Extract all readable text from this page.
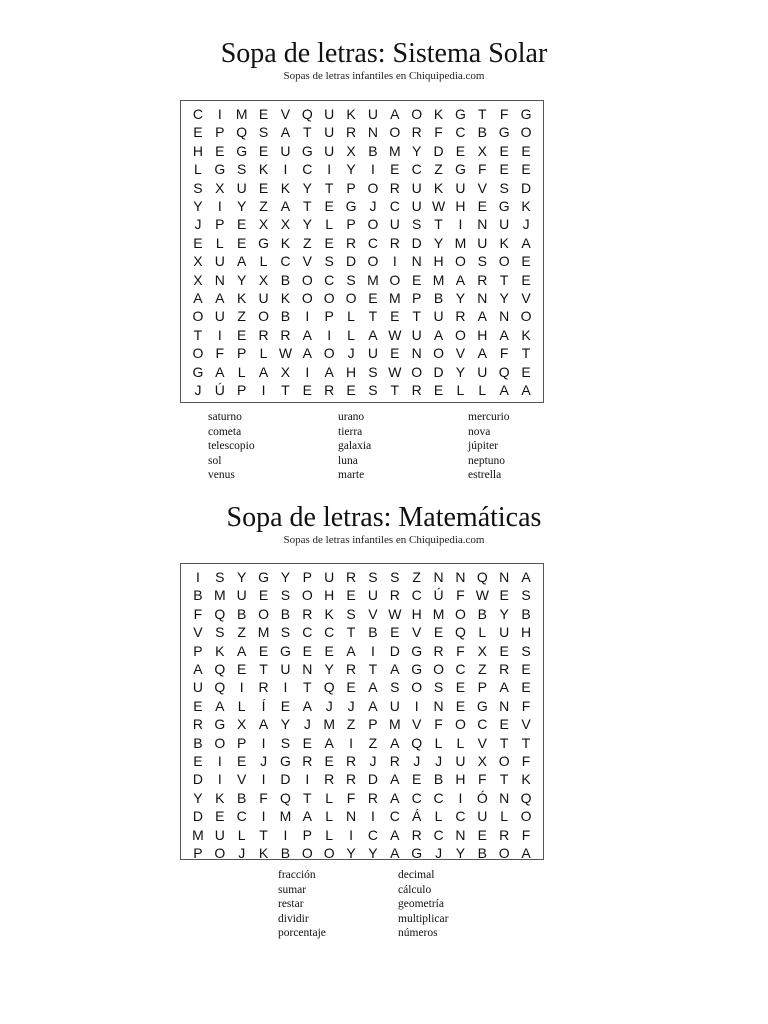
Sopa de letras: Sistema Solar
Sopas de letras infantiles en Chiquipedia.com
C	I	M E V Q U K U A O K G T F G
E P Q S A T U R N O R F C B G O
H E G E U G U X B M Y D E X E E
L G S K	I	C	I	Y	I	E C Z G F E E
S X U E K Y T P O R U K U V S D
Y	I	Y Z A T E G J C U W H E G K
J P E X X Y L P O U S T	I	N U J
E L E G K Z E R C R D Y M U K A
X U A L C V S D O	I	N H O S O E
X N Y X B O C S M O E M A R T E
A A K U K O O O E M P B Y N Y V
O U Z O B	I	P L T E T U R A N O
T	I	E R R A	I	L A W U A O H A K
O F P L W A O J U E N O V A F T
G A L A X	I	A H S W O D Y U Q E
J Ú P	I	T E R E S T R E L	L A A
saturno
cometa
telescopio
sol
venus
urano
tierra
galaxia
luna
marte
mercurio
nova
júpiter
neptuno
estrella
Sopa de letras: Matemáticas
Sopas de letras infantiles en Chiquipedia.com
I	S Y G Y P U R S S Z N N Q N A
B M U E S O H E U R C Ú F W E S
F Q B O B R K S V W H M O B Y B
V S Z M S C C T B E V E Q L U H
P K A E G E E A	I	D G R F X E S
A Q E T U N Y R T A G O C Z R E
U Q	I	R	I	T Q E A S O S E P A E
E A L	Í	E A J	J A U	I	N E G N F
R G X A Y J M Z P M V F O C E V
B O P	I	S E A	I	Z A Q L	L V T T
E	I	E J G R E R J R J	J U X O F
D	I	V	I	D	I	R R D A E B H F T K
Y K B F Q T L F R A C C	I	Ó N Q
D E C	I	M A L N	I	C Á L C U L O
M U L T	I	P L	I	C A R C N E R F
P O J K B O O Y Y A G J Y B O A
fracción
sumar
restar
dividir
porcentaje
decimal
cálculo
geometría
multiplicar
números
